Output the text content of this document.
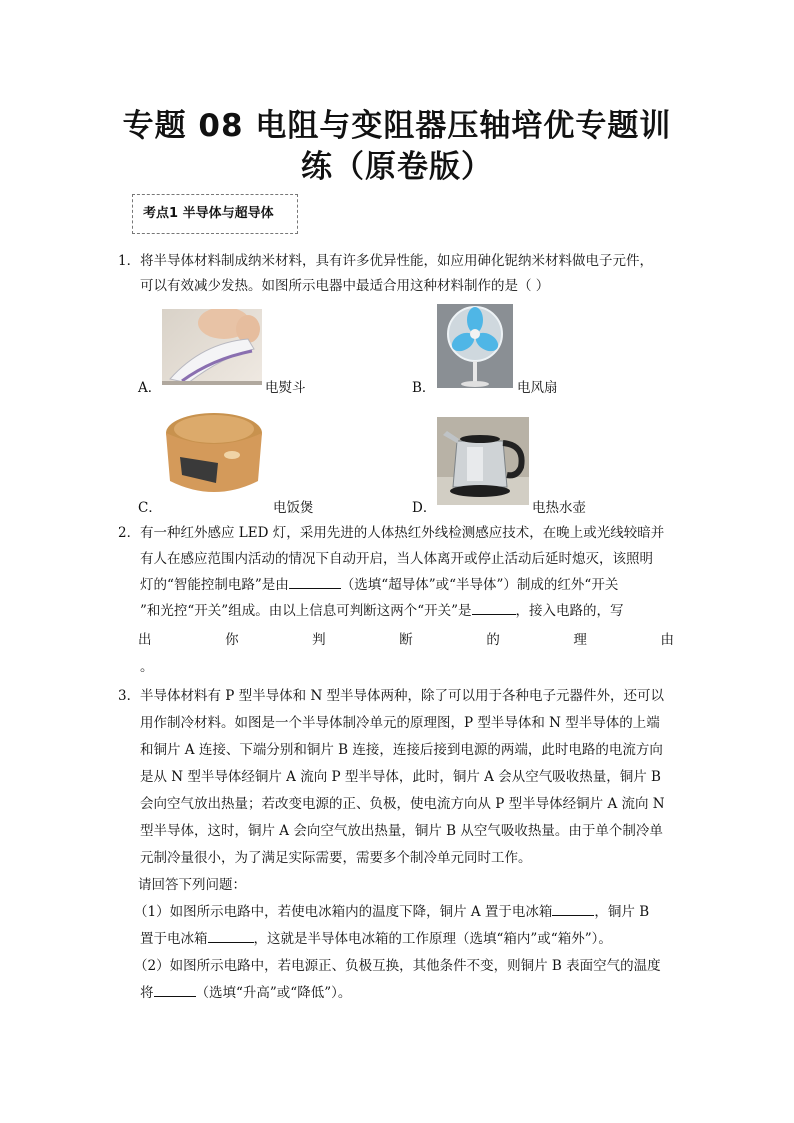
专题 08 电阻与变阻器压轴培优专题训
练（原卷版）
考点1 半导体与超导体
1． 将半导体材料制成纳米材料，具有许多优异性能，如应用砷化铌纳米材料做电子元件，
可以有效减少发热。如图所示电器中最适合用这种材料制作的是（ ）
A．	电熨斗	B．	电风扇
C．	电饭煲	D．	电热水壶
2． 有一种红外感应 LED 灯，采用先进的人体热红外线检测感应技术，在晚上或光线较暗并
有人在感应范围内活动的情况下自动开启，当人体离开或停止活动后延时熄灭，该照明
灯的“智能控制电路”是由	（选填“超导体”或“半导体”）制成的红外“开关
”和光控“开关”组成。由以上信息可判断这两个“开关”是	，接入电路的，写
出	你	判	断	的	理	由
。
3． 半导体材料有 P 型半导体和 N 型半导体两种，除了可以用于各种电子元器件外，还可以
用作制冷材料。如图是一个半导体制冷单元的原理图，P 型半导体和 N 型半导体的上端
和铜片 A 连接、下端分别和铜片 B 连接，连接后接到电源的两端，此时电路的电流方向
是从 N 型半导体经铜片 A 流向 P 型半导体，此时，铜片 A 会从空气吸收热量，铜片 B
会向空气放出热量；若改变电源的正、负极，使电流方向从 P 型半导体经铜片 A 流向 N
型半导体，这时，铜片 A 会向空气放出热量，铜片 B 从空气吸收热量。由于单个制冷单
元制冷量很小，为了满足实际需要，需要多个制冷单元同时工作。
请回答下列问题：
（1）如图所示电路中，若使电冰箱内的温度下降，铜片 A 置于电冰箱	，铜片 B
置于电冰箱	，这就是半导体电冰箱的工作原理（选填“箱内”或“箱外”）。
（2）如图所示电路中，若电源正、负极互换，其他条件不变，则铜片 B 表面空气的温度
将	（选填“升高”或“降低”）。
